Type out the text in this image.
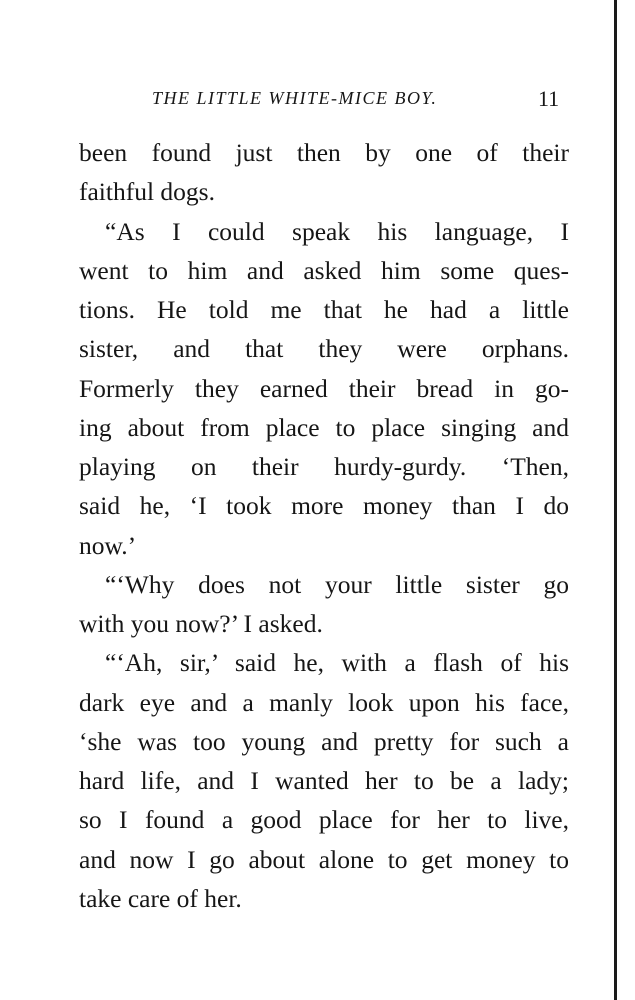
THE LITTLE WHITE-MICE BOY.	11
been found just then by one of their
faithful dogs.
“As I could speak his language, I
went to him and asked him some ques-
tions. He told me that he had a little
sister, and that they were orphans.
Formerly they earned their bread in go-
ing about from place to place singing and
playing on their hurdy-gurdy. ‘Then,
said he, ‘I took more money than I do
now.’
“‘Why does not your little sister go
with you now?’ I asked.
“‘Ah, sir,’ said he, with a flash of his
dark eye and a manly look upon his face,
‘she was too young and pretty for such a
hard life, and I wanted her to be a lady;
so I found a good place for her to live,
and now I go about alone to get money to
take care of her.
